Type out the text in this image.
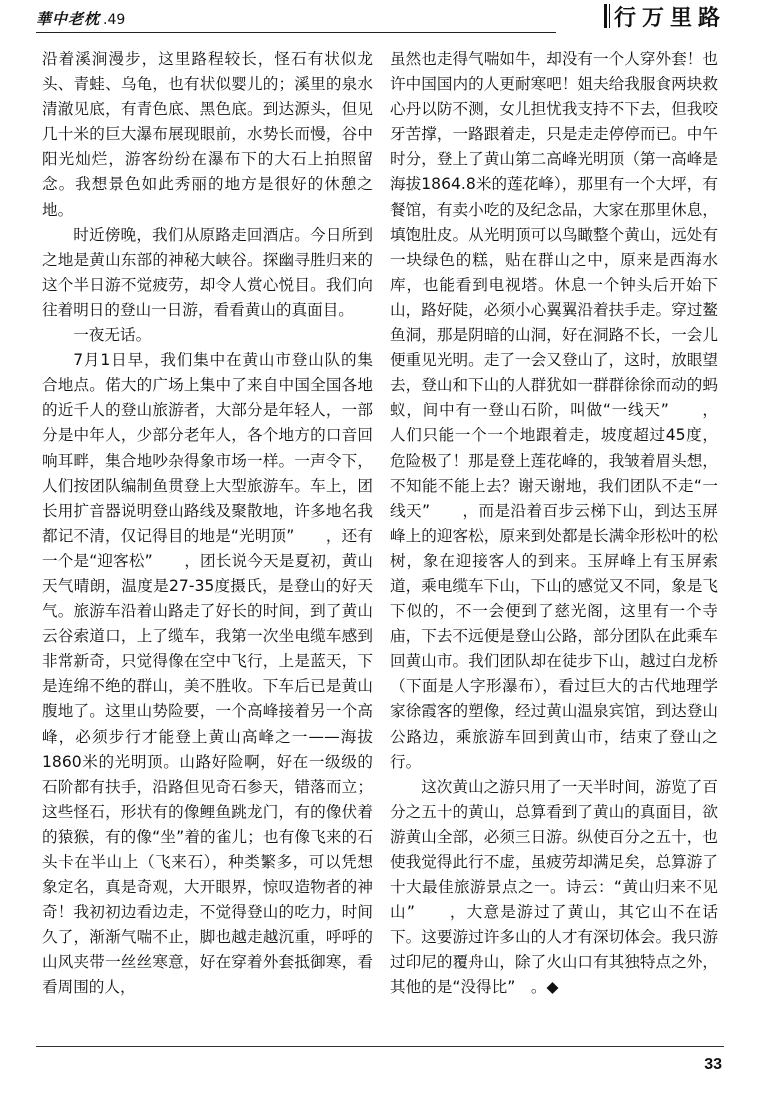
華中老枕 .49	行万里路

沿着溪涧漫步，这里路程较长，怪石有状似龙头、青蛙、乌龟，也有状似婴儿的；溪里的泉水清澈见底，有青色底、黑色底。到达源头，但见几十米的巨大瀑布展现眼前，水势长而慢，谷中阳光灿烂，游客纷纷在瀑布下的大石上拍照留念。我想景色如此秀丽的地方是很好的休憩之地。

时近傍晚，我们从原路走回酒店。今日所到之地是黄山东部的神秘大峡谷。探幽寻胜归来的这个半日游不觉疲劳，却令人赏心悦目。我们向往着明日的登山一日游，看看黄山的真面目。

一夜无话。

7月1日早，我们集中在黄山市登山队的集合地点。偌大的广场上集中了来自中国全国各地的近千人的登山旅游者，大部分是年轻人，一部分是中年人，少部分老年人，各个地方的口音回响耳畔，集合地吵杂得象市场一样。一声令下，人们按团队编制鱼贯登上大型旅游车。车上，团长用扩音器说明登山路线及聚散地，许多地名我都记不清，仅记得目的地是“光明顶”　　，还有一个是“迎客松”　　，团长说今天是夏初，黄山天气晴朗，温度是27-35度摄氏，是登山的好天气。旅游车沿着山路走了好长的时间，到了黄山云谷索道口，上了缆车，我第一次坐电缆车感到非常新奇，只觉得像在空中飞行，上是蓝天，下是连绵不绝的群山，美不胜收。下车后已是黄山腹地了。这里山势险要，一个高峰接着另一个高峰，必须步行才能登上黄山高峰之一——海拔1860米的光明顶。山路好险啊，好在一级级的石阶都有扶手，沿路但见奇石参天，错落而立；这些怪石，形状有的像鲤鱼跳龙门，有的像伏着的猿猴，有的像“坐”着的雀儿；也有像飞来的石头卡在半山上（飞来石），种类繁多，可以凭想象定名，真是奇观，大开眼界，惊叹造物者的神奇！我初初边看边走，不觉得登山的吃力，时间久了，渐渐气喘不止，脚也越走越沉重，呼呼的山风夹带一丝丝寒意，好在穿着外套抵御寒，看看周围的人，

虽然也走得气喘如牛，却没有一个人穿外套！也许中国国内的人更耐寒吧！姐夫给我服食两块救心丹以防不测，女儿担忧我支持不下去，但我咬牙苦撑，一路跟着走，只是走走停停而已。中午时分，登上了黄山第二高峰光明顶（第一高峰是海拔1864.8米的莲花峰），那里有一个大坪，有餐馆，有卖小吃的及纪念品，大家在那里休息，填饱肚皮。从光明顶可以鸟瞰整个黄山，远处有一块绿色的糕，贴在群山之中，原来是西海水库，也能看到电视塔。休息一个钟头后开始下山，路好陡，必须小心翼翼沿着扶手走。穿过鳌鱼洞，那是阴暗的山洞，好在洞路不长，一会儿便重见光明。走了一会又登山了，这时，放眼望去，登山和下山的人群犹如一群群徐徐而动的蚂蚁，间中有一登山石阶，叫做“一线天”　　，人们只能一个一个地跟着走，坡度超过45度，危险极了！那是登上莲花峰的，我皱着眉头想，不知能不能上去？谢天谢地，我们团队不走“一线天”　　，而是沿着百步云梯下山，到达玉屏峰上的迎客松，原来到处都是长满伞形松叶的松树，象在迎接客人的到来。玉屏峰上有玉屏索道，乘电缆车下山，下山的感觉又不同，象是飞下似的，不一会便到了慈光阁，这里有一个寺庙，下去不远便是登山公路，部分团队在此乘车回黄山市。我们团队却在徒步下山，越过白龙桥（下面是人字形瀑布），看过巨大的古代地理学家徐霞客的塑像，经过黄山温泉宾馆，到达登山公路边，乘旅游车回到黄山市，结束了登山之行。

这次黄山之游只用了一天半时间，游览了百分之五十的黄山，总算看到了黄山的真面目，欲游黄山全部，必须三日游。纵使百分之五十，也使我觉得此行不虚，虽疲劳却满足矣，总算游了十大最佳旅游景点之一。诗云：“黄山归来不见山”　　，大意是游过了黄山，其它山不在话下。这要游过许多山的人才有深切体会。我只游过印尼的覆舟山，除了火山口有其独特点之外，其他的是“没得比”　。◆

33
